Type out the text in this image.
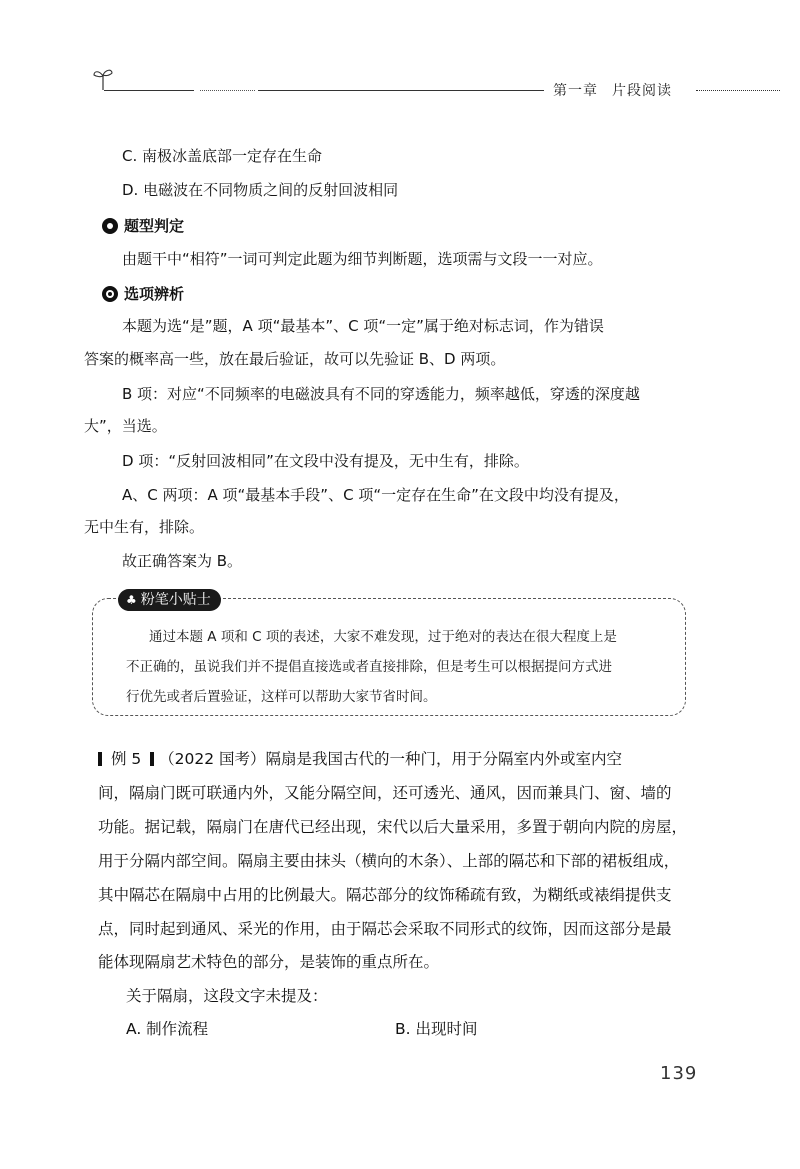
第一章 片段阅读
C. 南极冰盖底部一定存在生命
D. 电磁波在不同物质之间的反射回波相同
题型判定
由题干中“相符”一词可判定此题为细节判断题，选项需与文段一一对应。
选项辨析
本题为选“是”题，A 项“最基本”、C 项“一定”属于绝对标志词，作为错误
答案的概率高一些，放在最后验证，故可以先验证 B、D 两项。
B 项：对应“不同频率的电磁波具有不同的穿透能力，频率越低，穿透的深度越
大”，当选。
D 项：“反射回波相同”在文段中没有提及，无中生有，排除。
A、C 两项：A 项“最基本手段”、C 项“一定存在生命”在文段中均没有提及，
无中生有，排除。
故正确答案为 B。
♣ 粉笔小贴士
通过本题 A 项和 C 项的表述，大家不难发现，过于绝对的表达在很大程度上是
不正确的，虽说我们并不提倡直接选或者直接排除，但是考生可以根据提问方式进
行优先或者后置验证，这样可以帮助大家节省时间。
例 5 （2022 国考）隔扇是我国古代的一种门，用于分隔室内外或室内空
间，隔扇门既可联通内外，又能分隔空间，还可透光、通风，因而兼具门、窗、墙的
功能。据记载，隔扇门在唐代已经出现，宋代以后大量采用，多置于朝向内院的房屋，
用于分隔内部空间。隔扇主要由抹头（横向的木条）、上部的隔芯和下部的裙板组成，
其中隔芯在隔扇中占用的比例最大。隔芯部分的纹饰稀疏有致，为糊纸或裱绢提供支
点，同时起到通风、采光的作用，由于隔芯会采取不同形式的纹饰，因而这部分是最
能体现隔扇艺术特色的部分，是装饰的重点所在。
关于隔扇，这段文字未提及：
A. 制作流程	B. 出现时间
139
